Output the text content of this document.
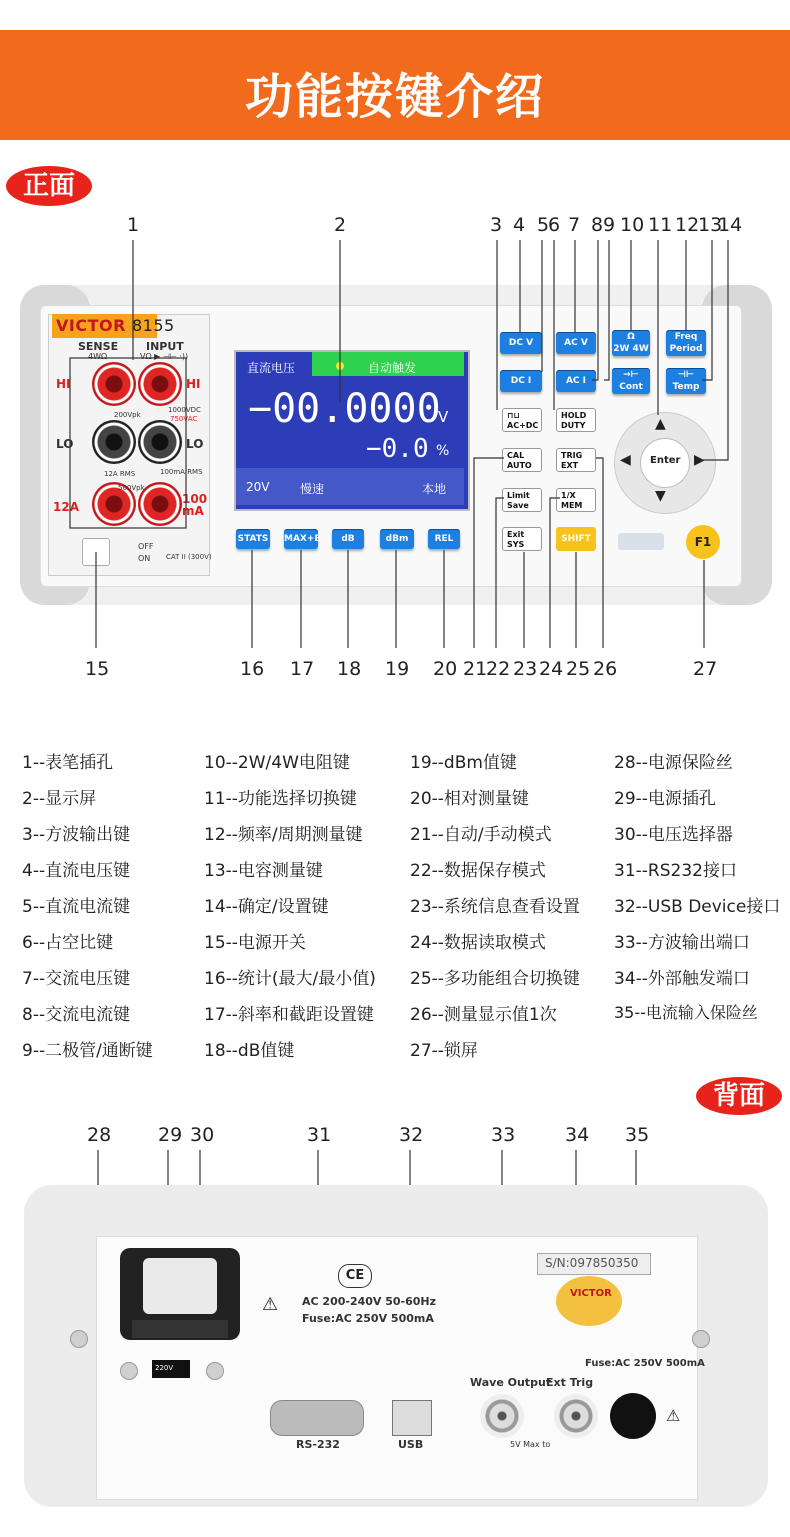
功能按键介绍
正面
背面
VICTOR 8155
SENSE
4WΩ
INPUT
VΩ ▶ ⊣⊢ ·))
HI	HI
LO	LO
12A
100
mA
200Vpk
1000VDC
750VAC
12A RMS	100mA RMS
500Vpk
OFF
ON CAT II (300V)
直流电压	自动触发
−00.0000
V
−0.0 %
20V	慢速	本地
DC V
DC I
AC V
AC I
Ω
2W 4W
Freq
Period
→⊢
Cont
⊣⊢
Temp
STATS MAX+B	dB	dBm	REL
⊓⊔
AC+DC
HOLD
DUTY
CAL
AUTO
TRIG
EXT
Limit
Save
1/X
MEM
Exit
SYS
SHIFT
▲
▼
◀	▶
Enter
F1
1	2	3 4 5
6 7 8 9 10 11 12
13
14
15	16 17 18 19 20 21
22 23 24 25 26	27
1--表笔插孔
2--显示屏
3--方波输出键
4--直流电压键
5--直流电流键
6--占空比键
7--交流电压键
8--交流电流键
9--二极管/通断键
10--2W/4W电阻键
11--功能选择切换键
12--频率/周期测量键
13--电容测量键
14--确定/设置键
15--电源开关
16--统计(最大/最小值)
17--斜率和截距设置键
18--dB值键
19--dBm值键
20--相对测量键
21--自动/手动模式
22--数据保存模式
23--系统信息查看设置
24--数据读取模式
25--多功能组合切换键
26--测量显示值1次
27--锁屏
28--电源保险丝
29--电源插孔
30--电压选择器
31--RS232接口
32--USB Device接口
33--方波输出端口
34--外部触发端口
35--电流输入保险丝
28 29 30	31	32	33	34 35
220V
⚠
CE
AC 200-240V 50-60Hz
Fuse:AC 250V 500mA
S/N:097850350
VICTOR
Fuse:AC 250V 500mA
Wave Output
Ext Trig
5V Max to
⚠
RS-232	USB
